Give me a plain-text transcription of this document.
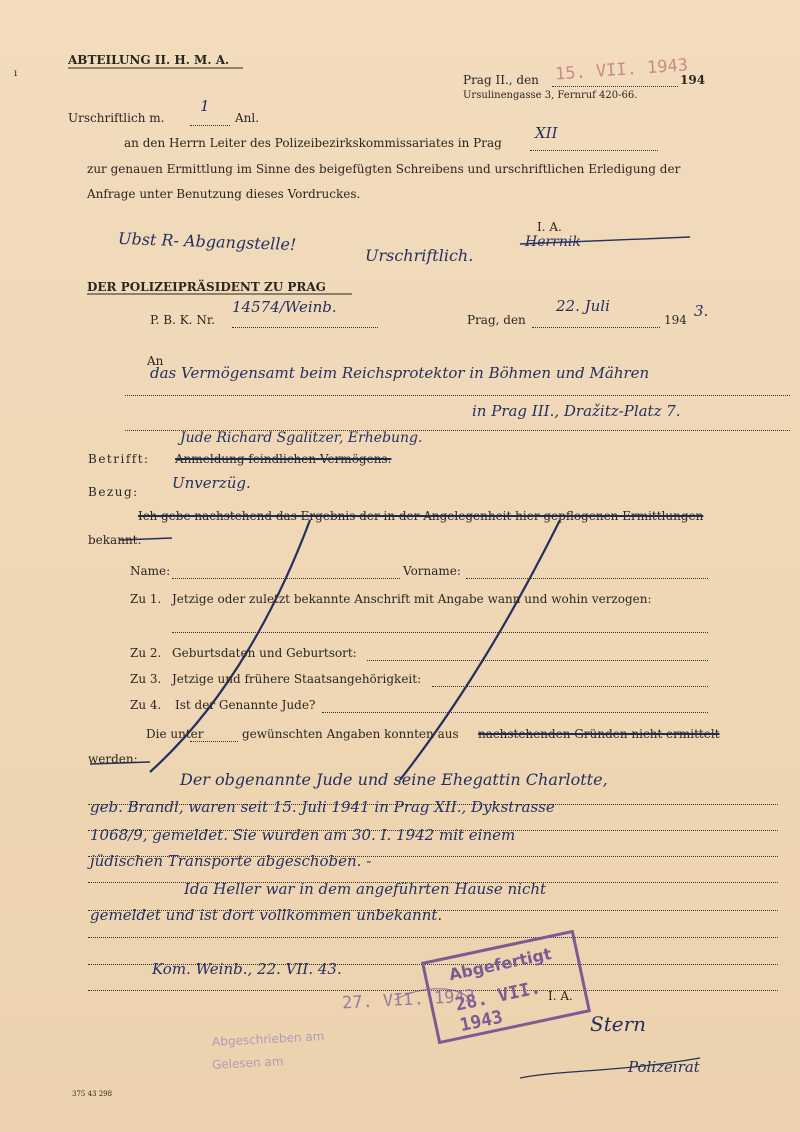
ABTEILUNG II. H. M. A.
ı	Prag II., den 15. VII. 1943
194
Ursulinengasse 3, Fernruf 420-66.
Urschriftlich m.
1
Anl.
an den Herrn Leiter des Polizeibezirkskommissariates in Prag
XII
zur genauen Ermittlung im Sinne des beigefügten Schreibens und urschriftlichen Erledigung der
Anfrage unter Benutzung dieses Vordruckes.
Ubst R- Abgangstelle!
Urschriftlich.
I. A.
Herrnik
DER POLIZEIPRÄSIDENT ZU PRAG
P. B. K. Nr.
14574/Weinb.
Prag, den
22. Juli
194 3.
An
das Vermögensamt beim Reichsprotektor in Böhmen und Mähren
in Prag III., Dražitz-Platz 7.
Jude Richard Sgalitzer, Erhebung.
Betrifft: Anmeldung feindlichen Vermögens.
Bezug: Unverzüg.
Ich gebe nachstehend das Ergebnis der in der Angelegenheit hier gepflogenen Ermittlungen
bekannt:
Name:	Vorname:
Zu 1. Jetzige oder zuletzt bekannte Anschrift mit Angabe wann und wohin verzogen:
Zu 2. Geburtsdaten und Geburtsort:
Zu 3. Jetzige und frühere Staatsangehörigkeit:
Zu 4. Ist der Genannte Jude?
Die unter	gewünschten Angaben konnten aus nachstehenden Gründen nicht ermittelt
werden:
Der obgenannte Jude und seine Ehegattin Charlotte,
geb. Brandl, waren seit 15. Juli 1941 in Prag XII., Dykstrasse
1068/9, gemeldet. Sie wurden am 30. I. 1942 mit einem
jüdischen Transporte abgeschoben. -
Ida Heller war in dem angeführten Hause nicht
gemeldet und ist dort vollkommen unbekannt.
Kom. Weinb., 22. VII. 43.	Abgefertigt
28. VII. 1943
27. VII. 1943	I. A.
Abgeschrieben am
Gelesen am
Stern
Polizeirat
375 43 298
